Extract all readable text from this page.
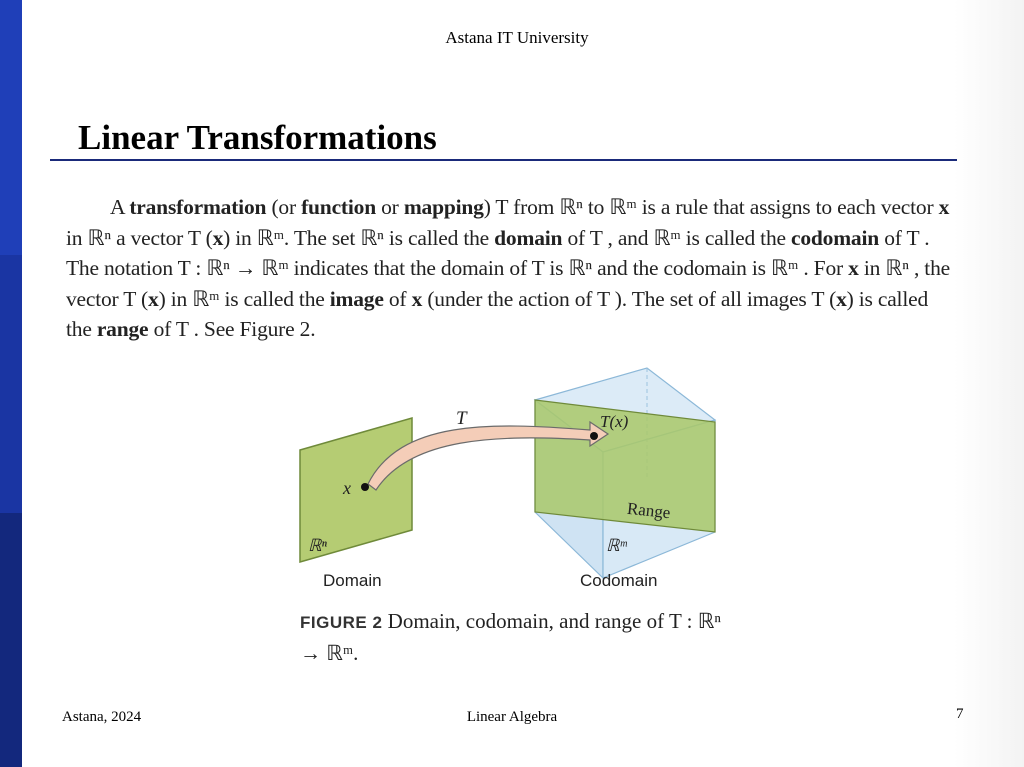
Astana IT University
Linear Transformations
A transformation (or function or mapping) T from ℝⁿ to ℝᵐ is a rule that assigns to each vector x in ℝⁿ a vector T (x) in ℝᵐ. The set ℝⁿ is called the domain of T , and ℝᵐ is called the codomain of T . The notation T : ℝⁿ → ℝᵐ indicates that the domain of T is ℝⁿ and the codomain is ℝᵐ . For x in ℝⁿ , the vector T (x) in ℝᵐ is called the image of x (under the action of T ). The set of all images T (x) is called the range of T . See Figure 2.
T
x
T(x)
ℝⁿ
Range
ℝᵐ
Domain	Codomain
FIGURE 2 Domain, codomain, and range of T : ℝⁿ → ℝᵐ.
Astana, 2024	Linear Algebra	7
